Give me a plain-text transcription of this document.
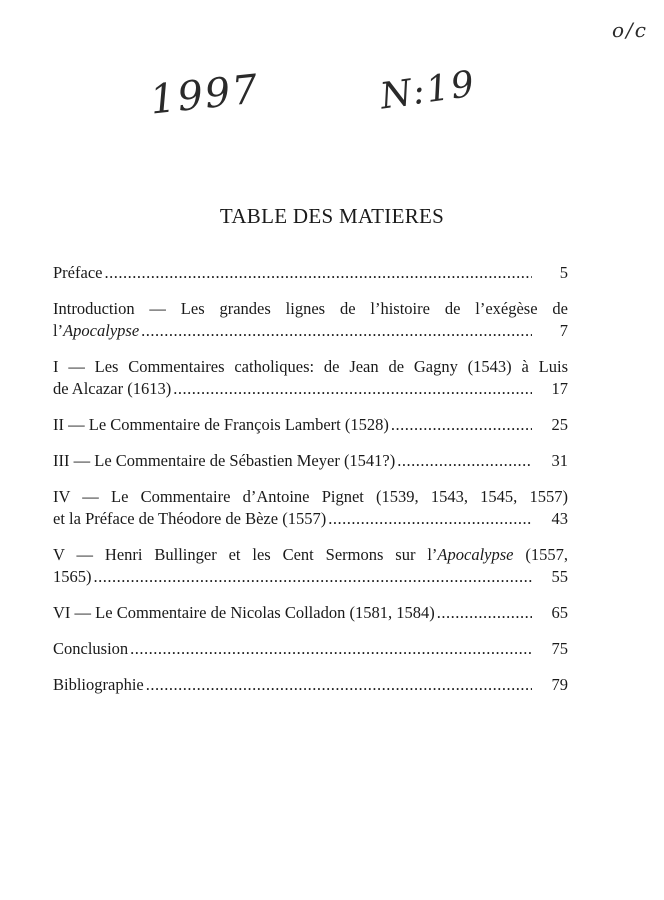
o/c
1997	N:19
TABLE DES MATIERES
Préface .....	5
Introduction — Les grandes lignes de l’histoire de l’exégèse de
l’Apocalypse .....	7
I — Les Commentaires catholiques: de Jean de Gagny (1543) à Luis
de Alcazar (1613) .....	17
II — Le Commentaire de François Lambert (1528) .....	25
III — Le Commentaire de Sébastien Meyer (1541?) .....	31
IV — Le Commentaire d’Antoine Pignet (1539, 1543, 1545, 1557)
et la Préface de Théodore de Bèze (1557) .....	43
V — Henri Bullinger et les Cent Sermons sur l’Apocalypse (1557,
1565) .....	55
VI — Le Commentaire de Nicolas Colladon (1581, 1584) .....	65
Conclusion .....	75
Bibliographie .....	79
